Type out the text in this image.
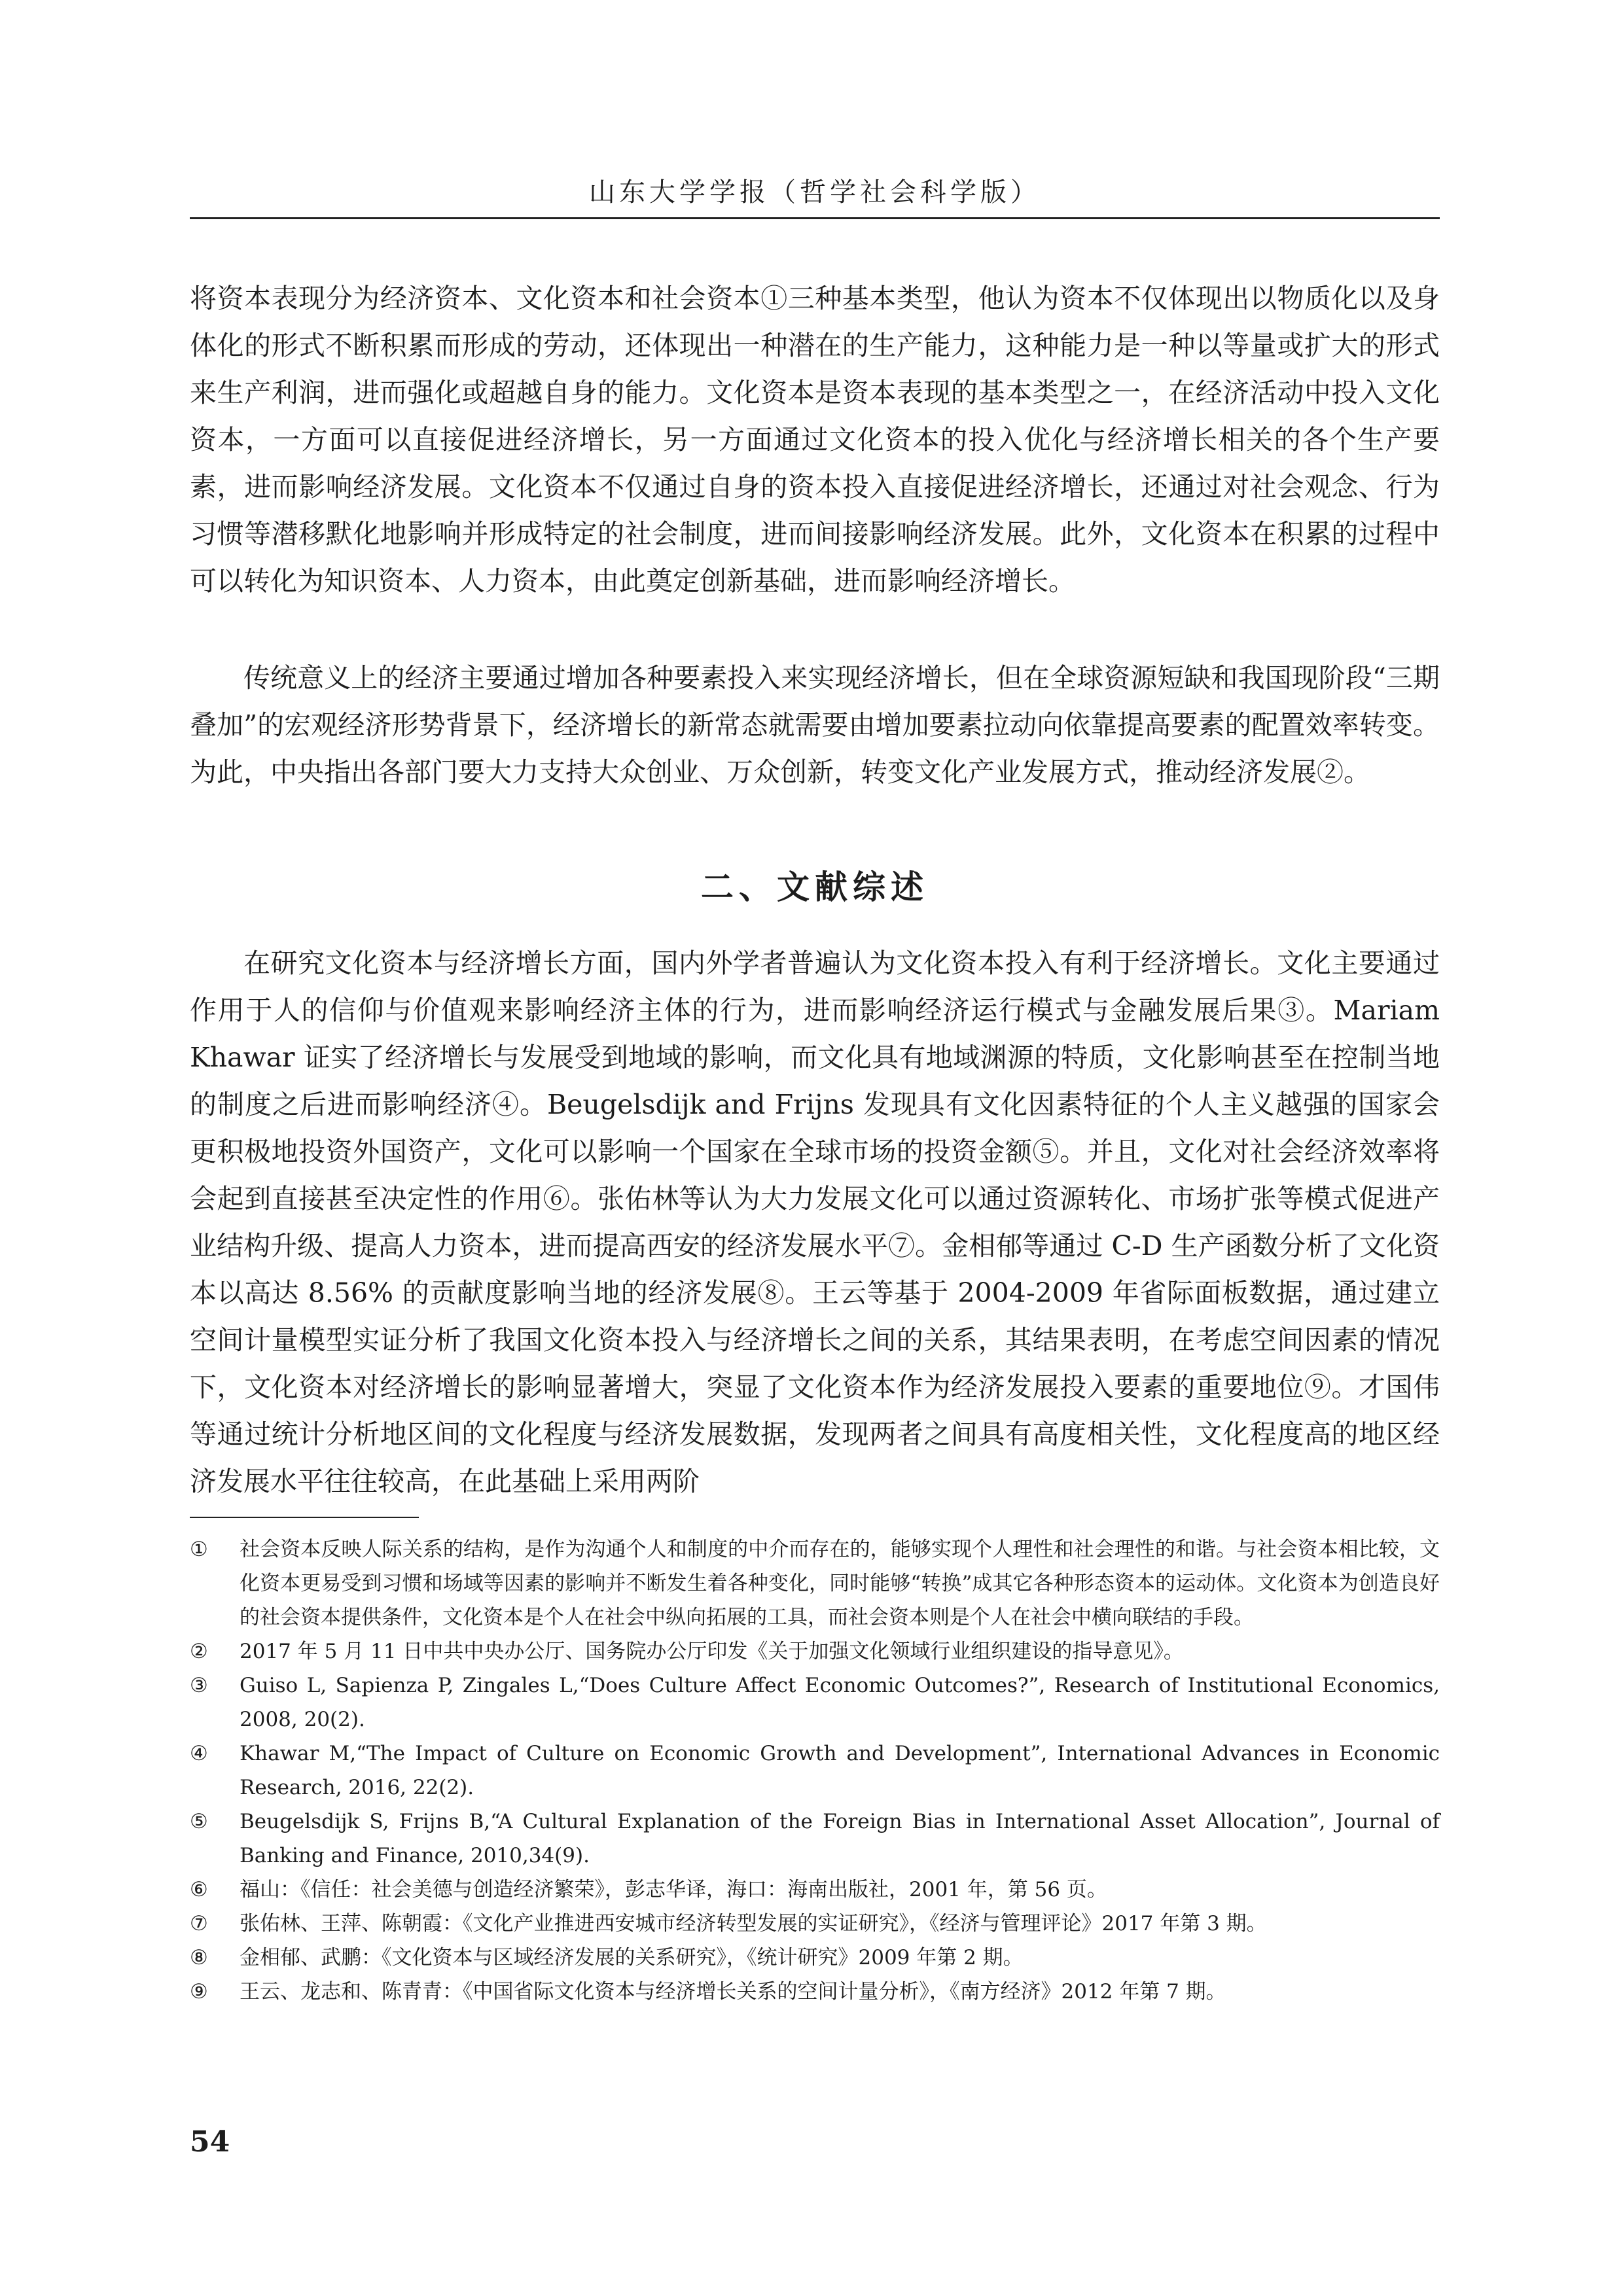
山东大学学报（哲学社会科学版）

将资本表现分为经济资本、文化资本和社会资本①三种基本类型，他认为资本不仅体现出以物质化以及身体化的形式不断积累而形成的劳动，还体现出一种潜在的生产能力，这种能力是一种以等量或扩大的形式来生产利润，进而强化或超越自身的能力。文化资本是资本表现的基本类型之一，在经济活动中投入文化资本，一方面可以直接促进经济增长，另一方面通过文化资本的投入优化与经济增长相关的各个生产要素，进而影响经济发展。文化资本不仅通过自身的资本投入直接促进经济增长，还通过对社会观念、行为习惯等潜移默化地影响并形成特定的社会制度，进而间接影响经济发展。此外，文化资本在积累的过程中可以转化为知识资本、人力资本，由此奠定创新基础，进而影响经济增长。

传统意义上的经济主要通过增加各种要素投入来实现经济增长，但在全球资源短缺和我国现阶段“三期叠加”的宏观经济形势背景下，经济增长的新常态就需要由增加要素拉动向依靠提高要素的配置效率转变。为此，中央指出各部门要大力支持大众创业、万众创新，转变文化产业发展方式，推动经济发展②。

二、文献综述

在研究文化资本与经济增长方面，国内外学者普遍认为文化资本投入有利于经济增长。文化主要通过作用于人的信仰与价值观来影响经济主体的行为，进而影响经济运行模式与金融发展后果③。Mariam Khawar 证实了经济增长与发展受到地域的影响，而文化具有地域渊源的特质，文化影响甚至在控制当地的制度之后进而影响经济④。Beugelsdijk and Frijns 发现具有文化因素特征的个人主义越强的国家会更积极地投资外国资产，文化可以影响一个国家在全球市场的投资金额⑤。并且，文化对社会经济效率将会起到直接甚至决定性的作用⑥。张佑林等认为大力发展文化可以通过资源转化、市场扩张等模式促进产业结构升级、提高人力资本，进而提高西安的经济发展水平⑦。金相郁等通过 C-D 生产函数分析了文化资本以高达 8.56% 的贡献度影响当地的经济发展⑧。王云等基于 2004-2009 年省际面板数据，通过建立空间计量模型实证分析了我国文化资本投入与经济增长之间的关系，其结果表明，在考虑空间因素的情况下，文化资本对经济增长的影响显著增大，突显了文化资本作为经济发展投入要素的重要地位⑨。才国伟等通过统计分析地区间的文化程度与经济发展数据，发现两者之间具有高度相关性，文化程度高的地区经济发展水平往往较高，在此基础上采用两阶

①	社会资本反映人际关系的结构，是作为沟通个人和制度的中介而存在的，能够实现个人理性和社会理性的和谐。与社会资本相比较，文化资本更易受到习惯和场域等因素的影响并不断发生着各种变化，同时能够“转换”成其它各种形态资本的运动体。文化资本为创造良好的社会资本提供条件，文化资本是个人在社会中纵向拓展的工具，而社会资本则是个人在社会中横向联结的手段。
②	2017 年 5 月 11 日中共中央办公厅、国务院办公厅印发《关于加强文化领域行业组织建设的指导意见》。
③	Guiso L, Sapienza P, Zingales L,“Does Culture Affect Economic Outcomes?”, Research of Institutional Economics, 2008, 20(2).
④	Khawar M,“The Impact of Culture on Economic Growth and Development”, International Advances in Economic Research, 2016, 22(2).
⑤	Beugelsdijk S, Frijns B,“A Cultural Explanation of the Foreign Bias in International Asset Allocation”, Journal of Banking and Finance, 2010,34(9).
⑥	福山：《信任：社会美德与创造经济繁荣》，彭志华译，海口：海南出版社，2001 年，第 56 页。
⑦	张佑林、王萍、陈朝霞：《文化产业推进西安城市经济转型发展的实证研究》，《经济与管理评论》2017 年第 3 期。
⑧	金相郁、武鹏：《文化资本与区域经济发展的关系研究》，《统计研究》2009 年第 2 期。
⑨	王云、龙志和、陈青青：《中国省际文化资本与经济增长关系的空间计量分析》，《南方经济》2012 年第 7 期。
54
